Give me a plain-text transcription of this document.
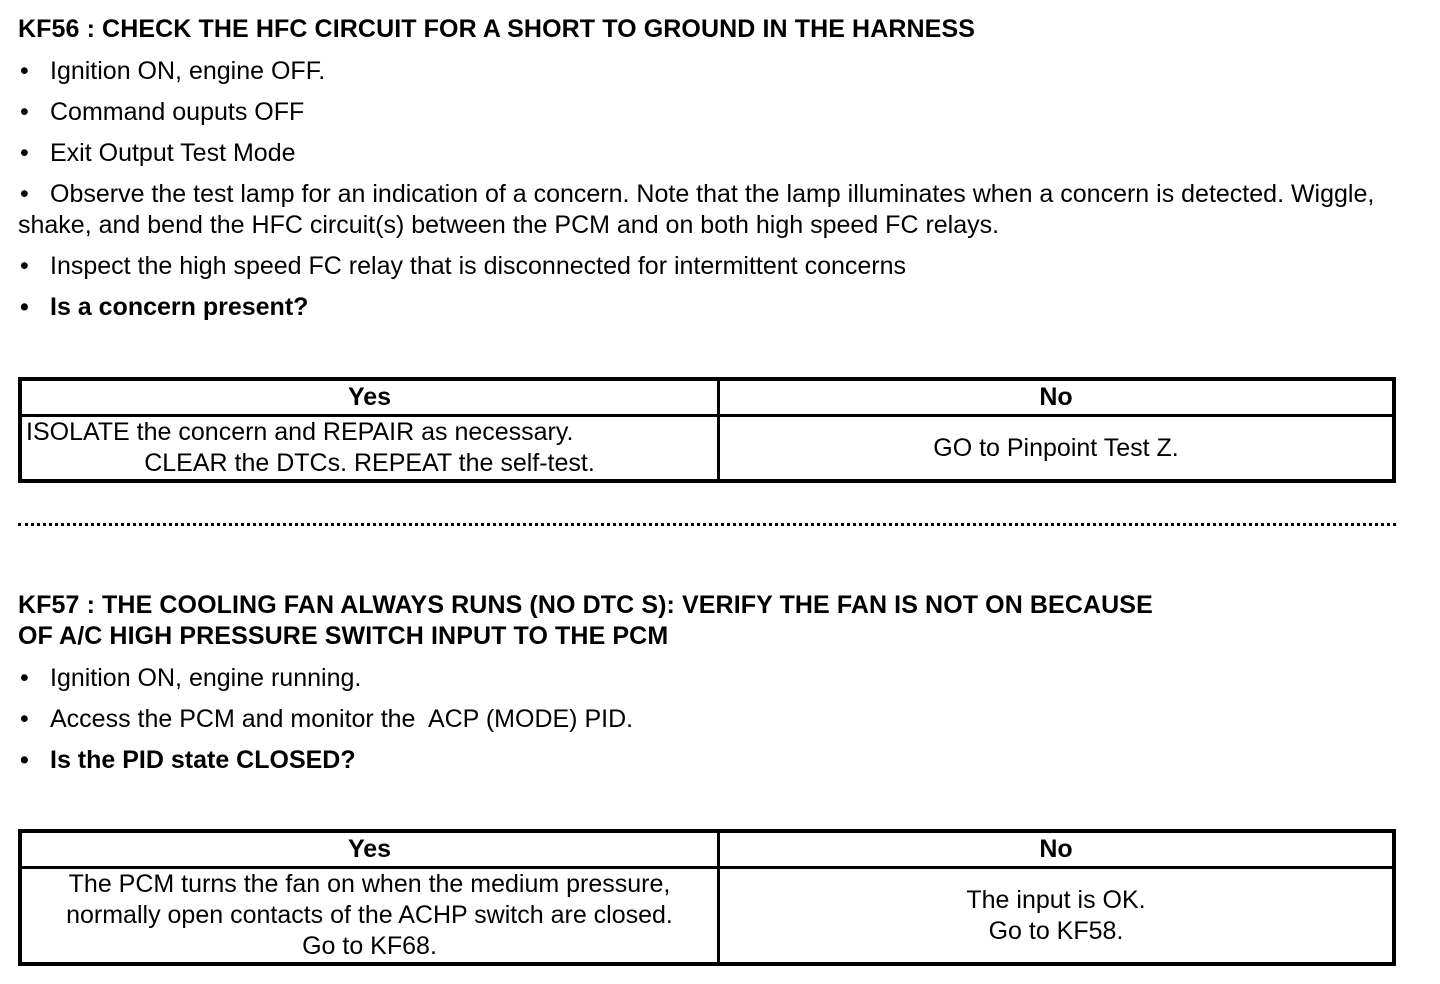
KF56 : CHECK THE HFC CIRCUIT FOR A SHORT TO GROUND IN THE HARNESS
• Ignition ON, engine OFF.
• Command ouputs OFF
• Exit Output Test Mode
• Observe the test lamp for an indication of a concern. Note that the lamp illuminates when a concern is detected. Wiggle, shake, and bend the HFC circuit(s) between the PCM and on both high speed FC relays.
• Inspect the high speed FC relay that is disconnected for intermittent concerns
• Is a concern present?
Yes	No

ISOLATE the concern and REPAIR as necessary.
CLEAR the DTCs. REPEAT the self-test.	GO to Pinpoint Test Z.
KF57 : THE COOLING FAN ALWAYS RUNS (NO DTC S): VERIFY THE FAN IS NOT ON BECAUSE
OF A/C HIGH PRESSURE SWITCH INPUT TO THE PCM
• Ignition ON, engine running.
• Access the PCM and monitor the  ACP (MODE) PID.
• Is the PID state CLOSED?
Yes	No

The PCM turns the fan on when the medium pressure,
normally open contacts of the ACHP switch are closed.
Go to KF68.	The input is OK.
Go to KF58.
